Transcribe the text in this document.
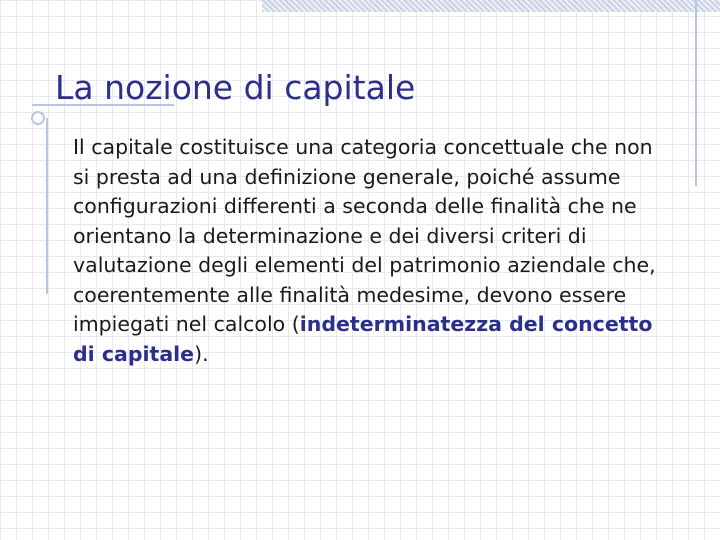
La nozione di capitale

Il capitale costituisce una categoria concettuale che non si presta ad una definizione generale, poiché assume configurazioni differenti a seconda delle finalità che ne orientano la determinazione e dei diversi criteri di valutazione degli elementi del patrimonio aziendale che, coerentemente alle finalità medesime, devono essere impiegati nel calcolo (indeterminatezza del concetto di capitale).
